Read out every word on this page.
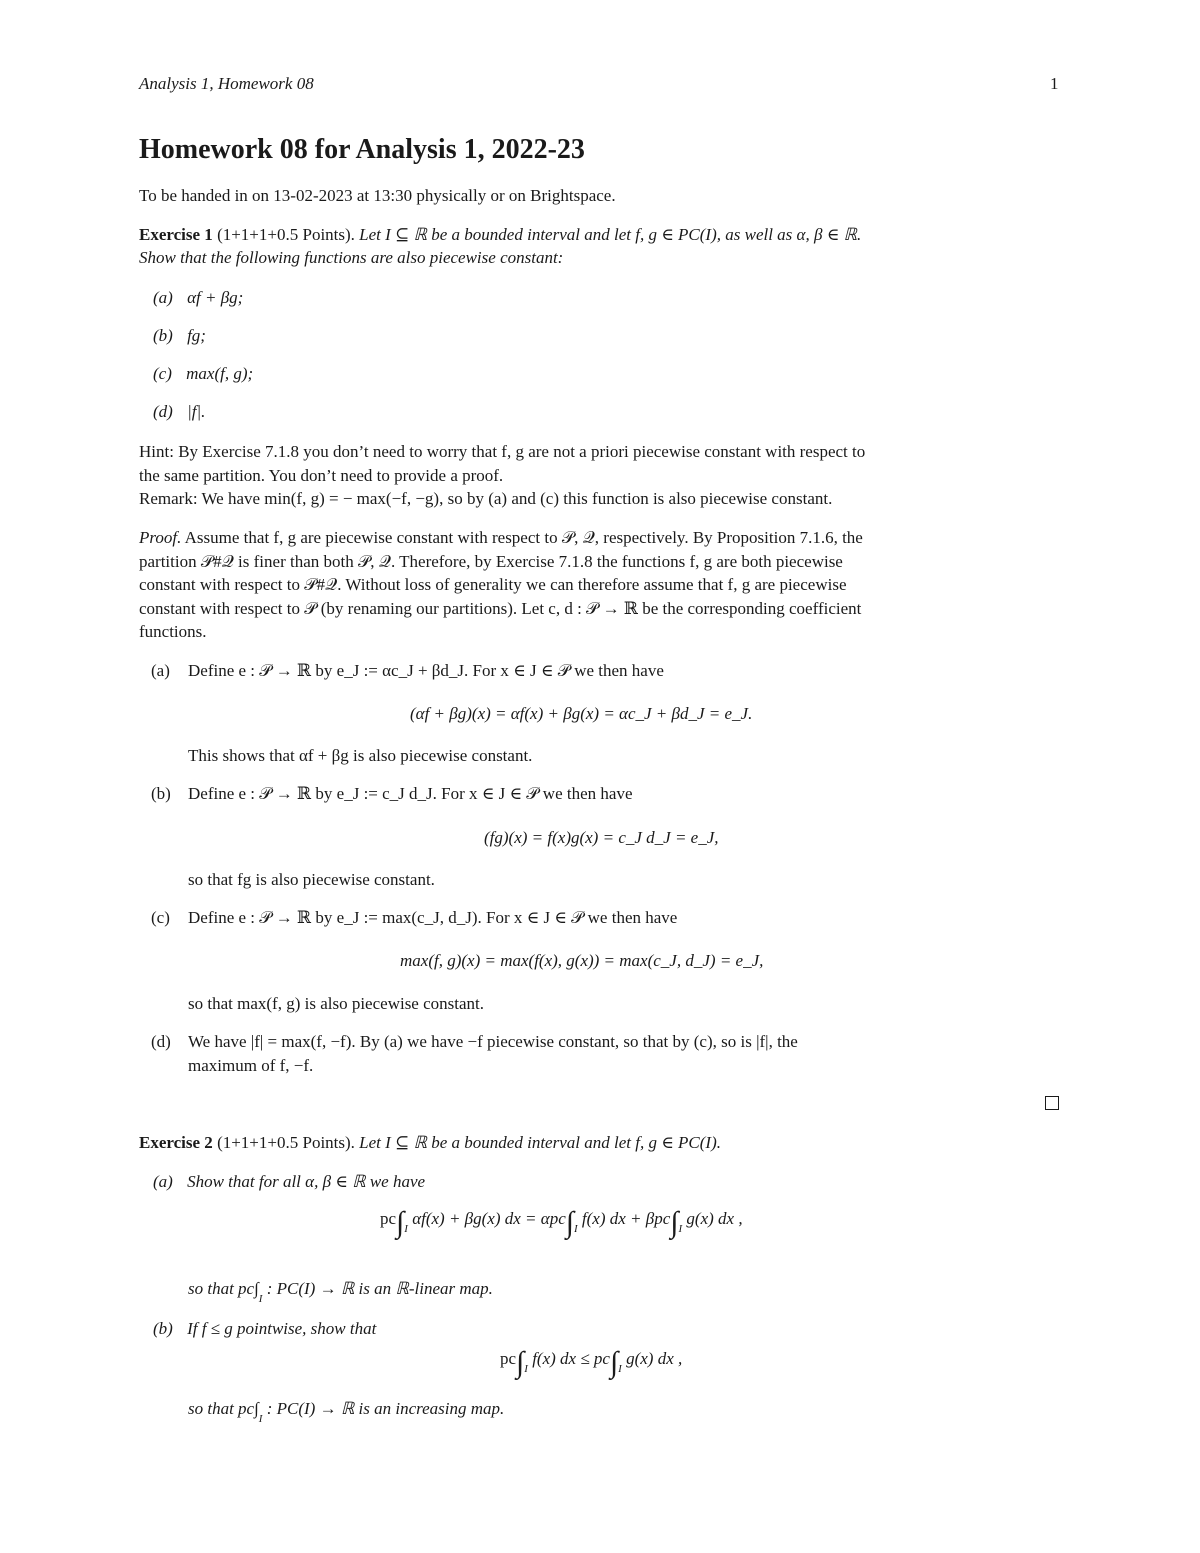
Analysis 1, Homework 08	1
Homework 08 for Analysis 1, 2022-23
To be handed in on 13-02-2023 at 13:30 physically or on Brightspace.
Exercise 1 (1+1+1+0.5 Points). Let I ⊆ ℝ be a bounded interval and let f, g ∈ PC(I), as well as α, β ∈ ℝ.
Show that the following functions are also piecewise constant:
(a) αf + βg;
(b) fg;
(c) max(f, g);
(d) |f|.
Hint: By Exercise 7.1.8 you don’t need to worry that f, g are not a priori piecewise constant with respect to
the same partition. You don’t need to provide a proof.
Remark: We have min(f, g) = − max(−f, −g), so by (a) and (c) this function is also piecewise constant.
Proof. Assume that f, g are piecewise constant with respect to 𝒫, 𝒬, respectively. By Proposition 7.1.6, the
partition 𝒫#𝒬 is finer than both 𝒫, 𝒬. Therefore, by Exercise 7.1.8 the functions f, g are both piecewise
constant with respect to 𝒫#𝒬. Without loss of generality we can therefore assume that f, g are piecewise
constant with respect to 𝒫 (by renaming our partitions). Let c, d : 𝒫 → ℝ be the corresponding coefficient
functions.
(a) Define e : 𝒫 → ℝ by e_J := αc_J + βd_J. For x ∈ J ∈ 𝒫 we then have
(αf + βg)(x) = αf(x) + βg(x) = αc_J + βd_J = e_J.
This shows that αf + βg is also piecewise constant.
(b) Define e : 𝒫 → ℝ by e_J := c_J d_J. For x ∈ J ∈ 𝒫 we then have
(fg)(x) = f(x)g(x) = c_J d_J = e_J,
so that fg is also piecewise constant.
(c) Define e : 𝒫 → ℝ by e_J := max(c_J, d_J). For x ∈ J ∈ 𝒫 we then have
max(f, g)(x) = max(f(x), g(x)) = max(c_J, d_J) = e_J,
so that max(f, g) is also piecewise constant.
(d) We have |f| = max(f, −f). By (a) we have −f piecewise constant, so that by (c), so is |f|, the
maximum of f, −f.
Exercise 2 (1+1+1+0.5 Points). Let I ⊆ ℝ be a bounded interval and let f, g ∈ PC(I).
(a) Show that for all α, β ∈ ℝ we have
$pc\int_I$ αf(x) + βg(x) dx = $\alpha pc\int_I$ f(x) dx + $\beta pc\int_I$ g(x) dx ,
so that $pc\int_I$ : PC(I) → ℝ is an ℝ-linear map.
(b) If f ≤ g pointwise, show that
$pc\int_I$ f(x) dx ≤ $pc\int_I$ g(x) dx ,
so that $pc\int_I$ : PC(I) → ℝ is an increasing map.
